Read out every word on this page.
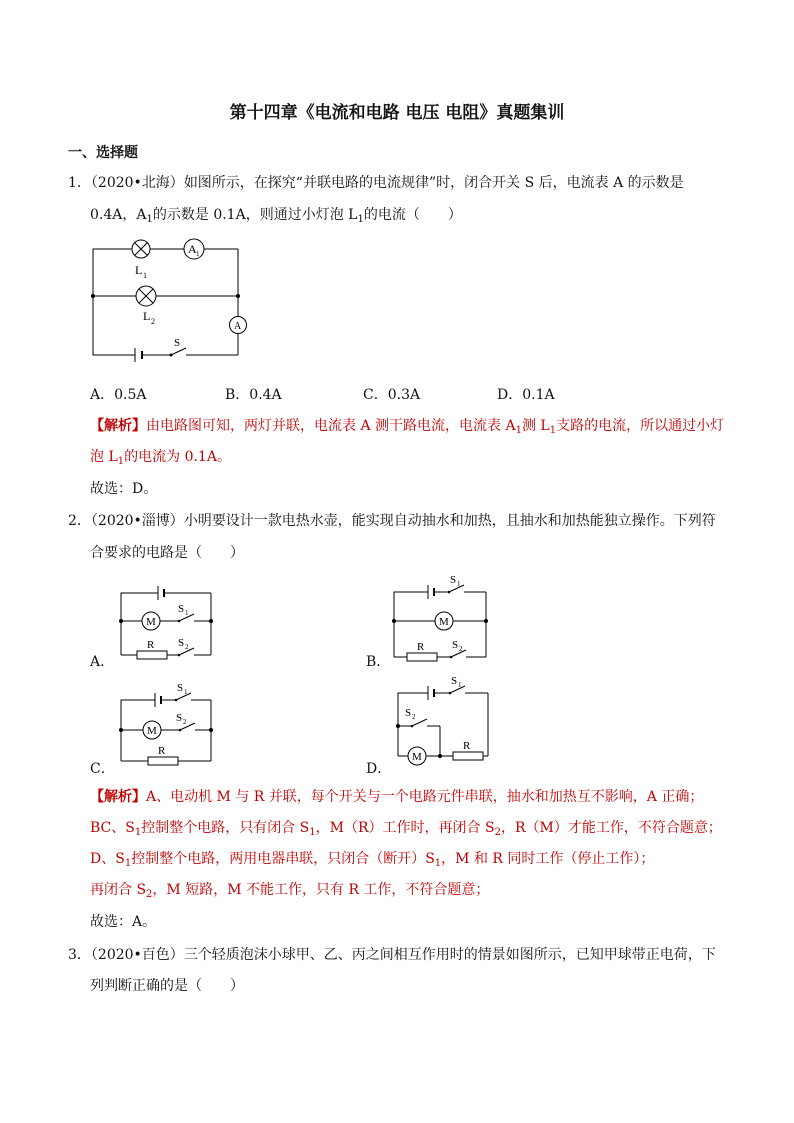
第十四章《电流和电路 电压 电阻》真题集训
一、选择题
1．（2020•北海）如图所示，在探究“并联电路的电流规律”时，闭合开关 S 后，电流表 A 的示数是
0.4A，$A_1$的示数是 0.1A，则通过小灯泡 $L_1$的电流（　　）
A 1
L 1
L 2	A
S
A．0.5A	B．0.4A	C．0.3A	D．0.1A
【解析】由电路图可知，两灯并联，电流表 A 测干路电流，电流表 $A_1$测 $L_1$支路的电流，所以通过小灯
泡 $L_1$的电流为 0.1A。
故选：D。
2．（2020•淄博）小明要设计一款电热水壶，能实现自动抽水和加热，且抽水和加热能独立操作。下列符
合要求的电路是（　　）
M	M
M
M
R	R
R	R
S 1
S 2
S 1
S 2
S 1
S 2
S 1
S 2
A．	B．
C．	D．
【解析】A、电动机 M 与 R 并联，每个开关与一个电路元件串联，抽水和加热互不影响，A 正确；
BC、$S_1$控制整个电路，只有闭合 $S_1$，M（R）工作时，再闭合 $S_2$，R（M）才能工作，不符合题意；
D、$S_1$控制整个电路，两用电器串联，只闭合（断开）$S_1$，M 和 R 同时工作（停止工作）；
再闭合 $S_2$，M 短路，M 不能工作，只有 R 工作，不符合题意；
故选：A。
3．（2020•百色）三个轻质泡沫小球甲、乙、丙之间相互作用时的情景如图所示，已知甲球带正电荷，下
列判断正确的是（　　）
